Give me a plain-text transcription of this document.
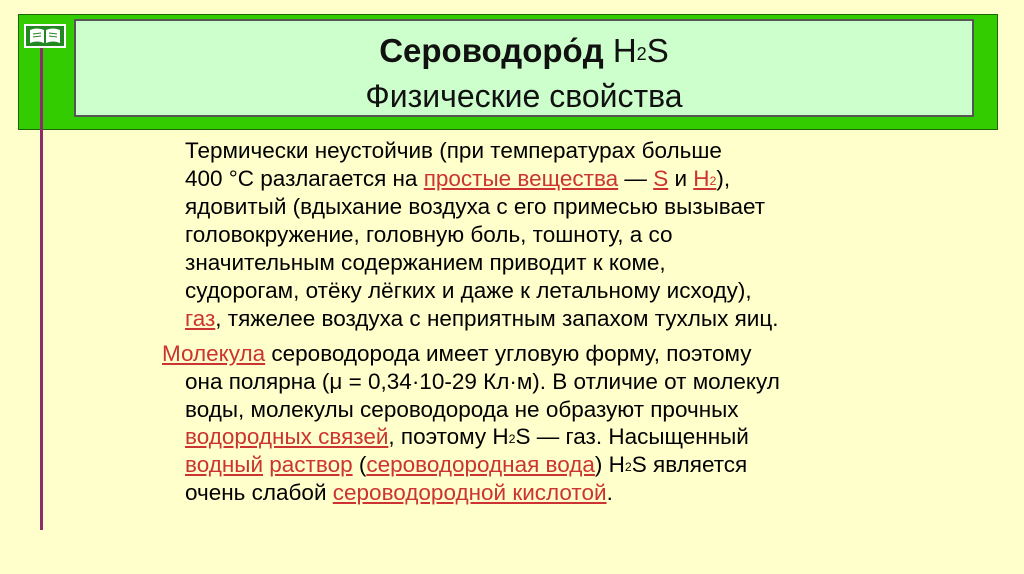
Сероводоро́д $H_2S$
Физические свойства
Термически неустойчив (при температурах больше
400 °C разлагается на простые вещества — S и $H_2$),
ядовитый (вдыхание воздуха с его примесью вызывает
головокружение, головную боль, тошноту, а со
значительным содержанием приводит к коме,
судорогам, отёку лёгких и даже к летальному исходу),
газ, тяжелее воздуха с неприятным запахом тухлых яиц.
Молекула сероводорода имеет угловую форму, поэтому
она полярна (μ = 0,34·10-29 Кл·м). В отличие от молекул
воды, молекулы сероводорода не образуют прочных
водородных связей, поэтому $H_2S$ — газ. Насыщенный
водный раствор (сероводородная вода) $H_2S$ является
очень слабой сероводородной кислотой.
